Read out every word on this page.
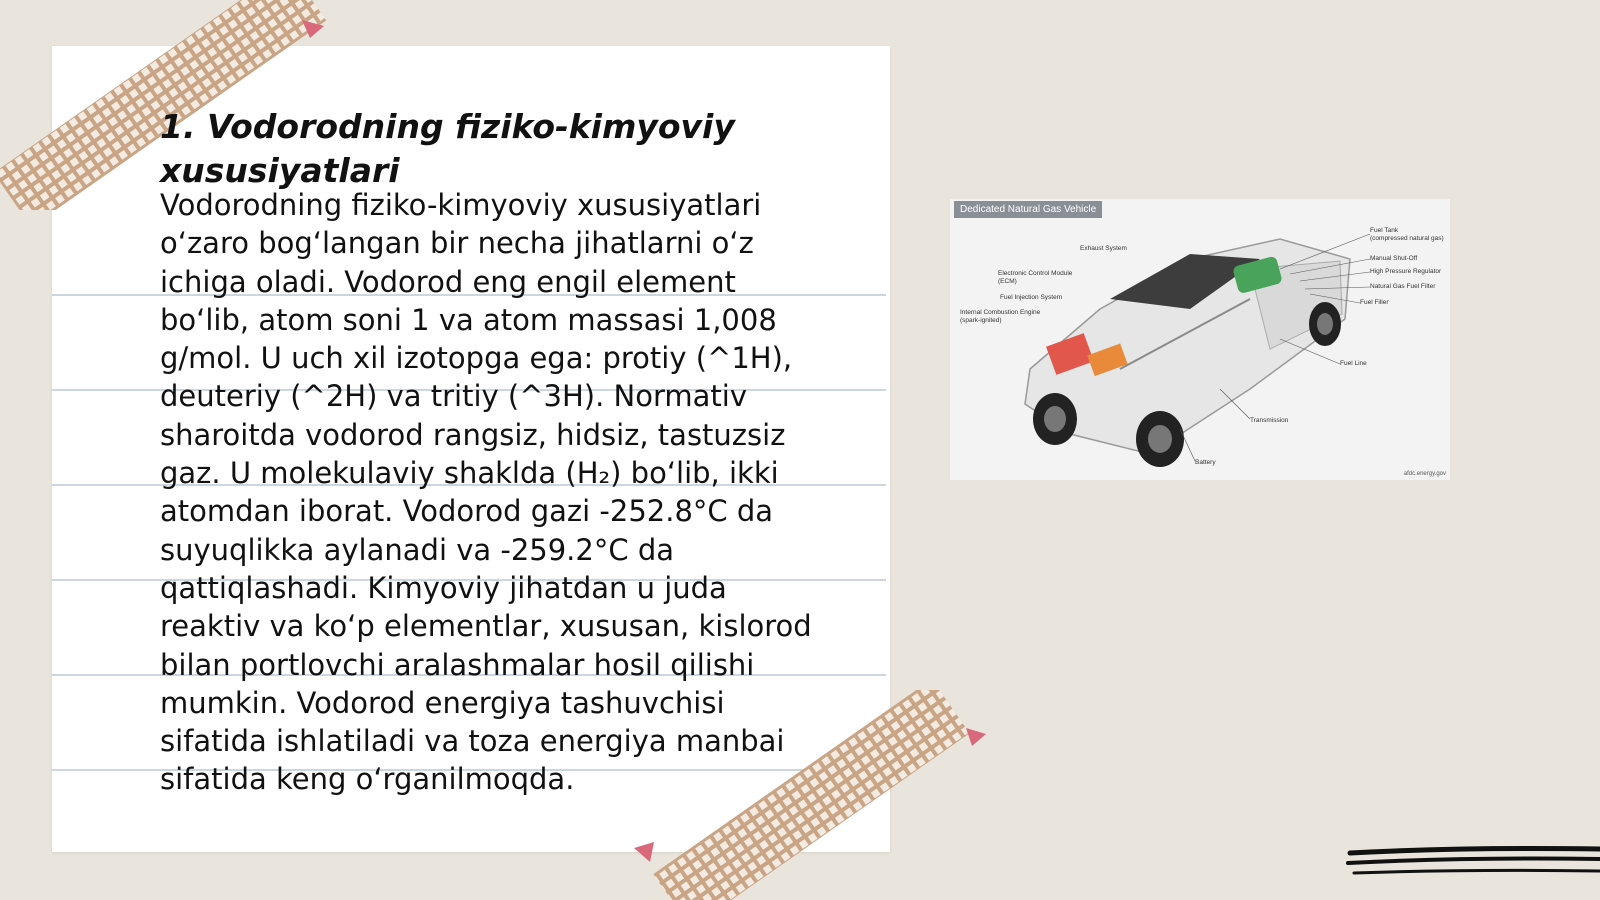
1. Vodorodning fiziko-kimyoviy xususiyatlari

Vodorodning fiziko-kimyoviy xususiyatlari o‘zaro bog‘langan bir necha jihatlarni o‘z ichiga oladi. Vodorod eng engil element bo‘lib, atom soni 1 va atom massasi 1,008 g/mol. U uch xil izotopga ega: protiy (^1H), deuteriy (^2H) va tritiy (^3H). Normativ sharoitda vodorod rangsiz, hidsiz, tastuzsiz gaz. U molekulaviy shaklda (H₂) bo‘lib, ikki atomdan iborat. Vodorod gazi -252.8°C da suyuqlikka aylanadi va -259.2°C da qattiqlashadi. Kimyoviy jihatdan u juda reaktiv va ko‘p elementlar, xususan, kislorod bilan portlovchi aralashmalar hosil qilishi mumkin. Vodorod energiya tashuvchisi sifatida ishlatiladi va toza energiya manbai sifatida keng o‘rganilmoqda.

Dedicated Natural Gas Vehicle
Fuel Tank
(compressed natural gas)
Manual Shut-Off
High Pressure Regulator
Natural Gas Fuel Filter
Fuel Filler
Fuel Line
Exhaust System
Electronic Control Module
(ECM)
Fuel Injection System
Internal Combustion Engine
(spark-ignited)
Transmission
Battery
afdc.energy.gov
